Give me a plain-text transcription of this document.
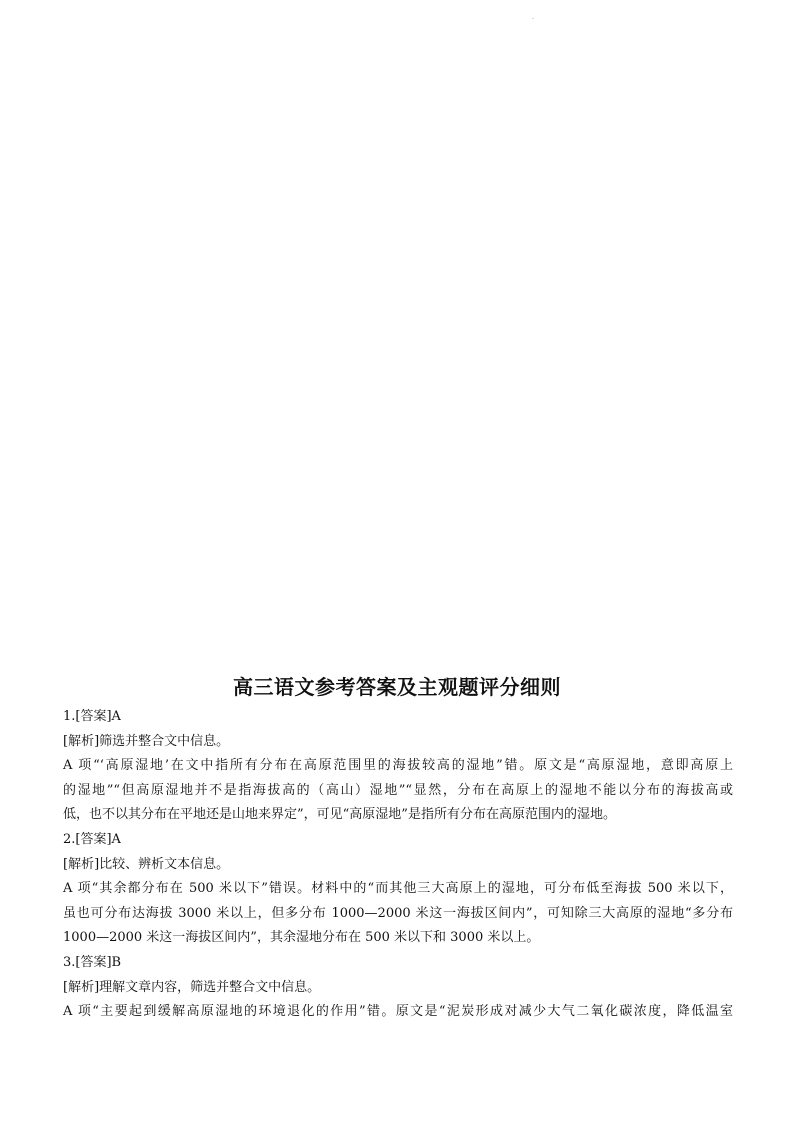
.
高三语文参考答案及主观题评分细则

1.[答案]A

[解析]筛选并整合文中信息。

A 项“‘高原湿地’在文中指所有分布在高原范围里的海拔较高的湿地”错。原文是“高原湿地，意即高原上

的湿地”“但高原湿地并不是指海拔高的（高山）湿地”“显然，分布在高原上的湿地不能以分布的海拔高或

低，也不以其分布在平地还是山地来界定”，可见“高原湿地”是指所有分布在高原范围内的湿地。

2.[答案]A

[解析]比较、辨析文本信息。

A 项“其余都分布在 500 米以下”错误。材料中的“而其他三大高原上的湿地，可分布低至海拔 500 米以下，

虽也可分布达海拔 3000 米以上，但多分布 1000—2000 米这一海拔区间内”，可知除三大高原的湿地“多分布

1000—2000 米这一海拔区间内”，其余湿地分布在 500 米以下和 3000 米以上。

3.[答案]B

[解析]理解文章内容，筛选并整合文中信息。

A 项“主要起到缓解高原湿地的环境退化的作用”错。原文是“泥炭形成对减少大气二氧化碳浓度，降低温室
